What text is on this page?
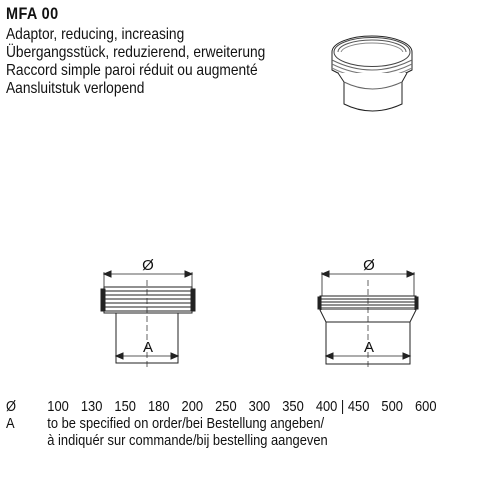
MFA 00
Adaptor, reducing, increasing
Übergangsstück, reduzierend, erweiterung
Raccord simple paroi réduit ou augmenté
Aansluitstuk verlopend
Ø
A
Ø
A
Ø	100 130 150 180 200 250 300 350 400 | 450 500 600
A	to be specified on order/bei Bestellung angeben/
à indiquér sur commande/bij bestelling aangeven
